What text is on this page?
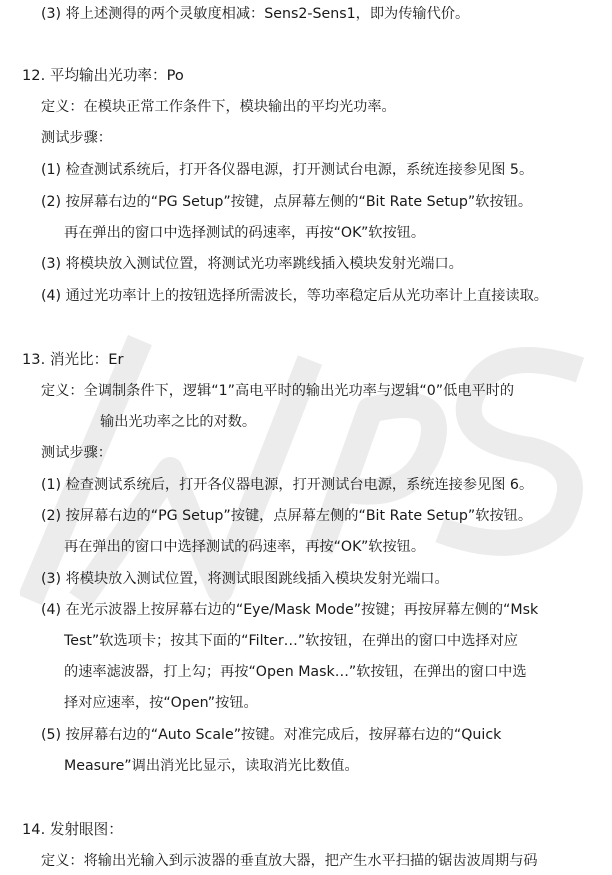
(3) 将上述测得的两个灵敏度相减：Sens2-Sens1，即为传输代价。
12. 平均输出光功率：Po
定义：在模块正常工作条件下，模块输出的平均光功率。
测试步骤：
(1) 检查测试系统后，打开各仪器电源，打开测试台电源，系统连接参见图 5。
(2) 按屏幕右边的“PG Setup”按键，点屏幕左侧的“Bit Rate Setup”软按钮。
再在弹出的窗口中选择测试的码速率，再按“OK”软按钮。
(3) 将模块放入测试位置，将测试光功率跳线插入模块发射光端口。
(4) 通过光功率计上的按钮选择所需波长，等功率稳定后从光功率计上直接读取。
13. 消光比：Er
定义：全调制条件下，逻辑“1”高电平时的输出光功率与逻辑“0”低电平时的
输出光功率之比的对数。
测试步骤：
(1) 检查测试系统后，打开各仪器电源，打开测试台电源，系统连接参见图 6。
(2) 按屏幕右边的“PG Setup”按键，点屏幕左侧的“Bit Rate Setup”软按钮。
再在弹出的窗口中选择测试的码速率，再按“OK”软按钮。
(3) 将模块放入测试位置，将测试眼图跳线插入模块发射光端口。
(4) 在光示波器上按屏幕右边的“Eye/Mask Mode”按键；再按屏幕左侧的“Msk
Test”软选项卡；按其下面的“Filter…”软按钮，在弹出的窗口中选择对应
的速率滤波器，打上勾；再按“Open Mask…”软按钮，在弹出的窗口中选
择对应速率，按“Open”按钮。
(5) 按屏幕右边的“Auto Scale”按键。对准完成后，按屏幕右边的“Quick
Measure”调出消光比显示，读取消光比数值。
14. 发射眼图：
定义：将输出光输入到示波器的垂直放大器，把产生水平扫描的锯齿波周期与码
